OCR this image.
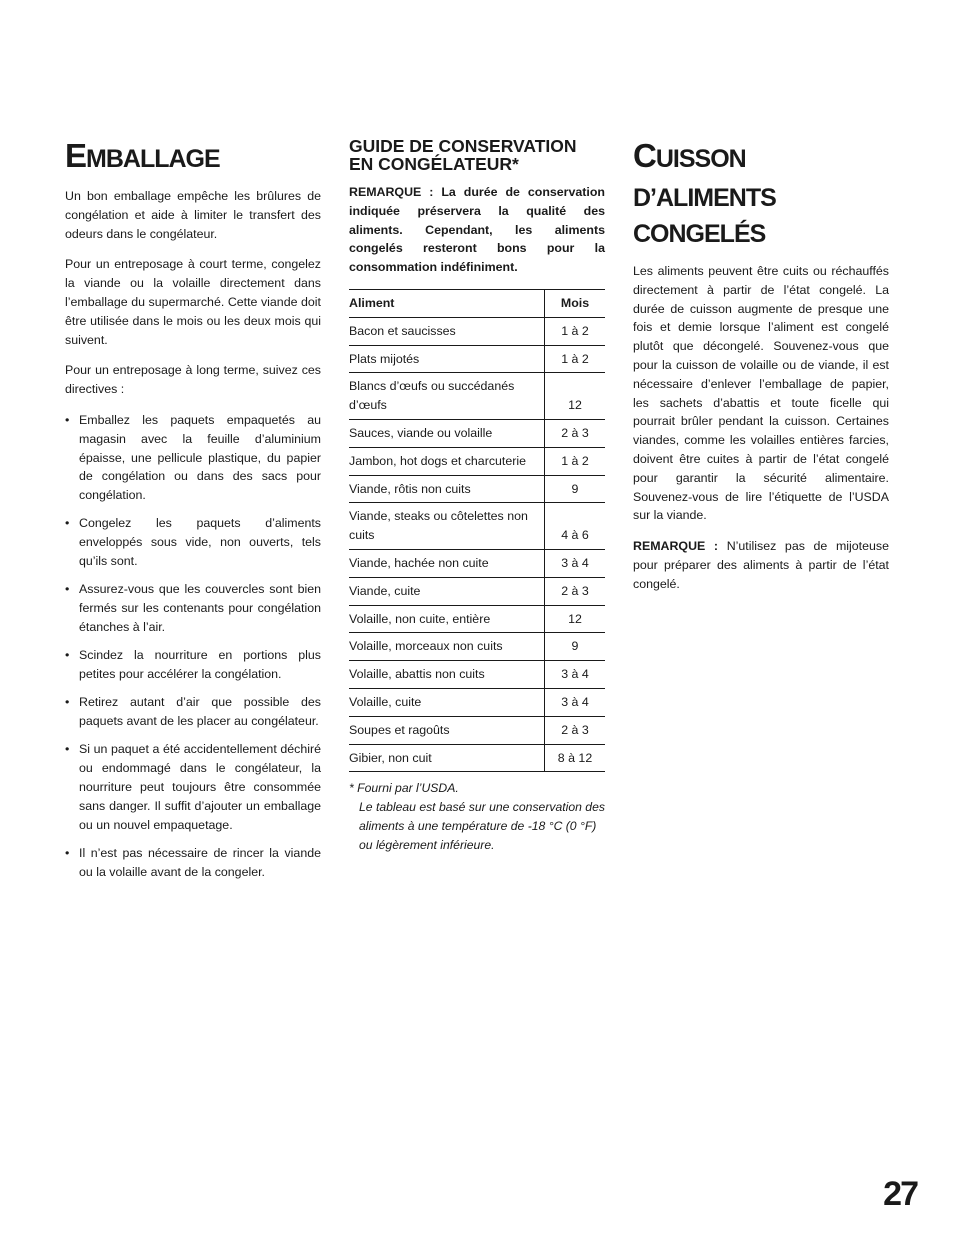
EMBALLAGE

Un bon emballage empêche les brûlures de congélation et aide à limiter le transfert des odeurs dans le congélateur.

Pour un entreposage à court terme, congelez la viande ou la volaille directement dans l’emballage du supermarché. Cette viande doit être utilisée dans le mois ou les deux mois qui suivent.

Pour un entreposage à long terme, suivez ces directives :

• Emballez les paquets empaquetés au magasin avec la feuille d’aluminium épaisse, une pellicule plastique, du papier de congélation ou dans des sacs pour congélation.
• Congelez les paquets d’aliments enveloppés sous vide, non ouverts, tels qu’ils sont.
• Assurez-vous que les couvercles sont bien fermés sur les contenants pour congélation étanches à l’air.
• Scindez la nourriture en portions plus petites pour accélérer la congélation.
• Retirez autant d’air que possible des paquets avant de les placer au congélateur.
• Si un paquet a été accidentellement déchiré ou endommagé dans le congélateur, la nourriture peut toujours être consommée sans danger. Il suffit d’ajouter un emballage ou un nouvel empaquetage.
• Il n’est pas nécessaire de rincer la viande ou la volaille avant de la congeler.
GUIDE DE CONSERVATION
EN CONGÉLATEUR*

REMARQUE : La durée de conservation indiquée préservera la qualité des aliments. Cependant, les aliments congelés resteront bons pour la consommation indéfiniment.

Aliment	Mois
Bacon et saucisses	1 à 2
Plats mijotés	1 à 2
Blancs d’œufs ou succédanés d’œufs	12
Sauces, viande ou volaille	2 à 3
Jambon, hot dogs et charcuterie	1 à 2
Viande, rôtis non cuits	9
Viande, steaks ou côtelettes non cuits	4 à 6
Viande, hachée non cuite	3 à 4
Viande, cuite	2 à 3
Volaille, non cuite, entière	12
Volaille, morceaux non cuits	9
Volaille, abattis non cuits	3 à 4
Volaille, cuite	3 à 4
Soupes et ragoûts	2 à 3
Gibier, non cuit	8 à 12
* Fourni par l’USDA.
Le tableau est basé sur une conservation des aliments à une température de -18 °C (0 °F) ou légèrement inférieure.
CUISSON D’ALIMENTS
CONGELÉS

Les aliments peuvent être cuits ou réchauffés directement à partir de l’état congelé. La durée de cuisson augmente de presque une fois et demie lorsque l’aliment est congelé plutôt que décongelé. Souvenez-vous que pour la cuisson de volaille ou de viande, il est nécessaire d’enlever l’emballage de papier, les sachets d’abattis et toute ficelle qui pourrait brûler pendant la cuisson. Certaines viandes, comme les volailles entières farcies, doivent être cuites à partir de l’état congelé pour garantir la sécurité alimentaire. Souvenez-vous de lire l’étiquette de l’USDA sur la viande.

REMARQUE : N’utilisez pas de mijoteuse pour préparer des aliments à partir de l’état congelé.

27
